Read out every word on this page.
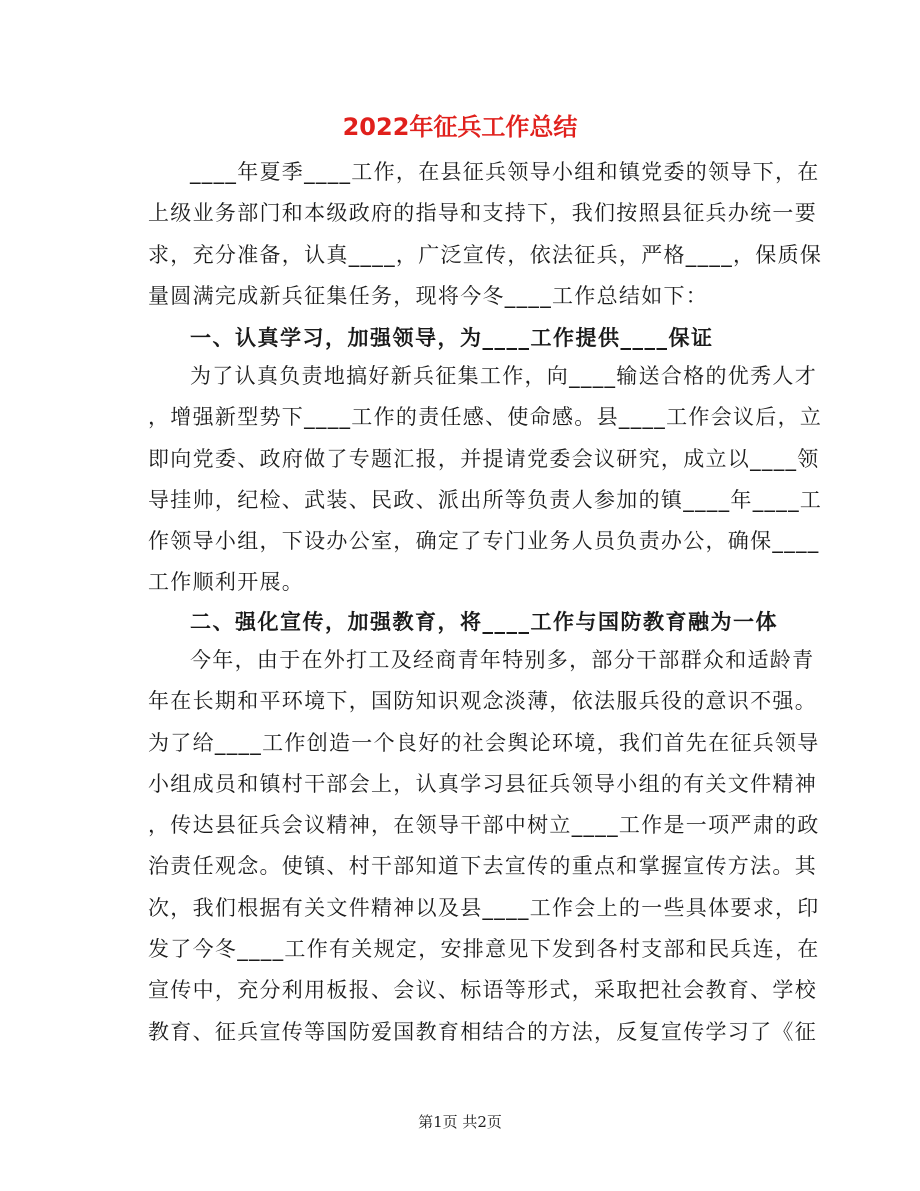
2022年征兵工作总结
____年夏季____工作，在县征兵领导小组和镇党委的领导下，在
上级业务部门和本级政府的指导和支持下，我们按照县征兵办统一要
求，充分准备，认真____，广泛宣传，依法征兵，严格____，保质保
量圆满完成新兵征集任务，现将今冬____工作总结如下：
一、认真学习，加强领导，为____工作提供____保证
为了认真负责地搞好新兵征集工作，向____输送合格的优秀人才
，增强新型势下____工作的责任感、使命感。县____工作会议后，立
即向党委、政府做了专题汇报，并提请党委会议研究，成立以____领
导挂帅，纪检、武装、民政、派出所等负责人参加的镇____年____工
作领导小组，下设办公室，确定了专门业务人员负责办公，确保____
工作顺利开展。
二、强化宣传，加强教育，将____工作与国防教育融为一体
今年，由于在外打工及经商青年特别多，部分干部群众和适龄青
年在长期和平环境下，国防知识观念淡薄，依法服兵役的意识不强。
为了给____工作创造一个良好的社会舆论环境，我们首先在征兵领导
小组成员和镇村干部会上，认真学习县征兵领导小组的有关文件精神
，传达县征兵会议精神，在领导干部中树立____工作是一项严肃的政
治责任观念。使镇、村干部知道下去宣传的重点和掌握宣传方法。其
次，我们根据有关文件精神以及县____工作会上的一些具体要求，印
发了今冬____工作有关规定，安排意见下发到各村支部和民兵连，在
宣传中，充分利用板报、会议、标语等形式，采取把社会教育、学校
教育、征兵宣传等国防爱国教育相结合的方法，反复宣传学习了《征
第1页 共2页
